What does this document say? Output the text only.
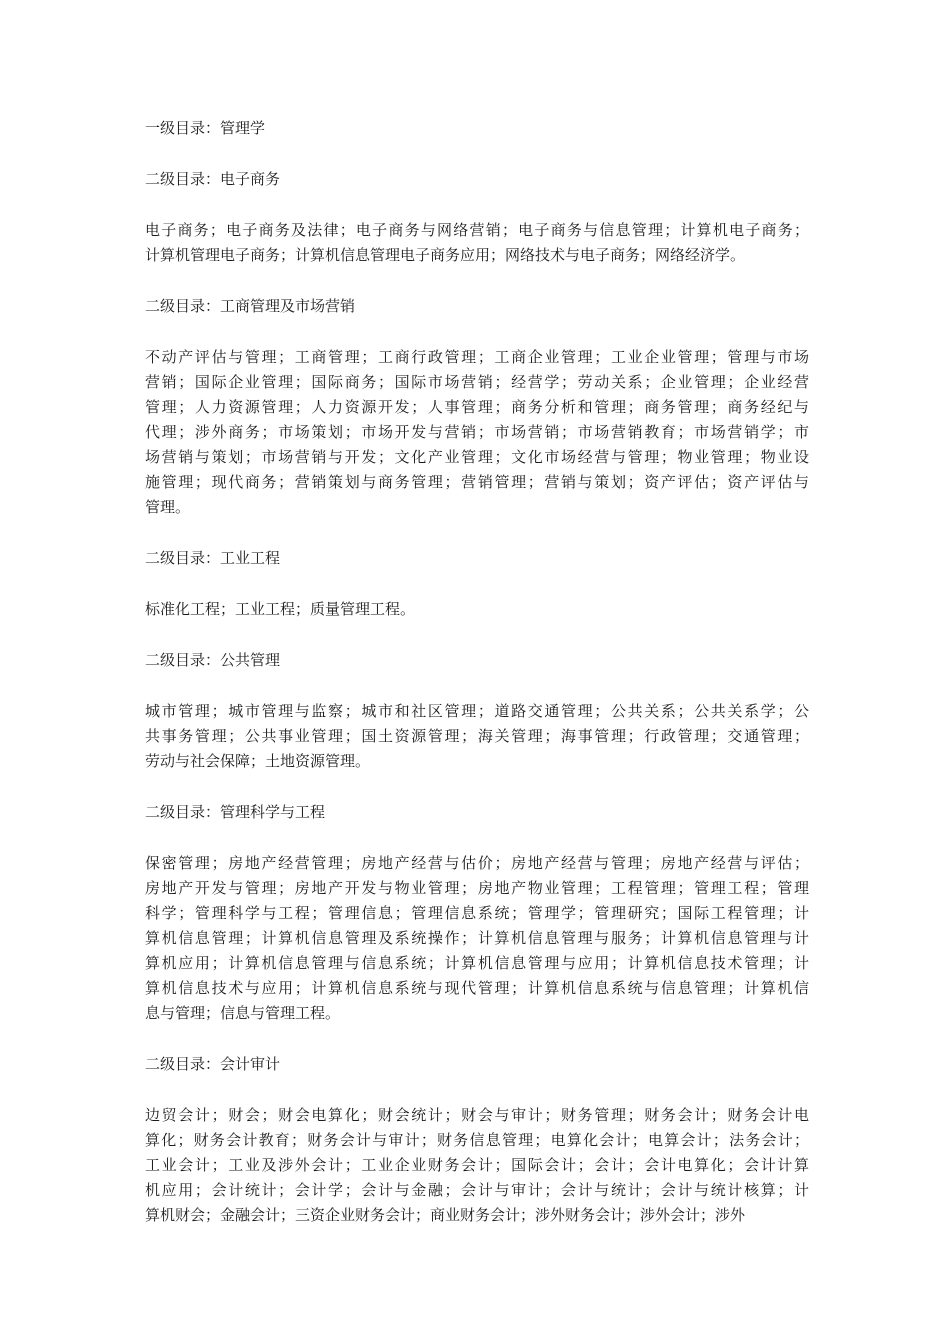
一级目录：管理学
二级目录：电子商务
电子商务；电子商务及法律；电子商务与网络营销；电子商务与信息管理；计算机电子商务；
计算机管理电子商务；计算机信息管理电子商务应用；网络技术与电子商务；网络经济学。
二级目录：工商管理及市场营销
不动产评估与管理；工商管理；工商行政管理；工商企业管理；工业企业管理；管理与市场
营销；国际企业管理；国际商务；国际市场营销；经营学；劳动关系；企业管理；企业经营
管理；人力资源管理；人力资源开发；人事管理；商务分析和管理；商务管理；商务经纪与
代理；涉外商务；市场策划；市场开发与营销；市场营销；市场营销教育；市场营销学；市
场营销与策划；市场营销与开发；文化产业管理；文化市场经营与管理；物业管理；物业设
施管理；现代商务；营销策划与商务管理；营销管理；营销与策划；资产评估；资产评估与
管理。
二级目录：工业工程
标准化工程；工业工程；质量管理工程。
二级目录：公共管理
城市管理；城市管理与监察；城市和社区管理；道路交通管理；公共关系；公共关系学；公
共事务管理；公共事业管理；国土资源管理；海关管理；海事管理；行政管理；交通管理；
劳动与社会保障；土地资源管理。
二级目录：管理科学与工程
保密管理；房地产经营管理；房地产经营与估价；房地产经营与管理；房地产经营与评估；
房地产开发与管理；房地产开发与物业管理；房地产物业管理；工程管理；管理工程；管理
科学；管理科学与工程；管理信息；管理信息系统；管理学；管理研究；国际工程管理；计
算机信息管理；计算机信息管理及系统操作；计算机信息管理与服务；计算机信息管理与计
算机应用；计算机信息管理与信息系统；计算机信息管理与应用；计算机信息技术管理；计
算机信息技术与应用；计算机信息系统与现代管理；计算机信息系统与信息管理；计算机信
息与管理；信息与管理工程。
二级目录：会计审计
边贸会计；财会；财会电算化；财会统计；财会与审计；财务管理；财务会计；财务会计电
算化；财务会计教育；财务会计与审计；财务信息管理；电算化会计；电算会计；法务会计；
工业会计；工业及涉外会计；工业企业财务会计；国际会计；会计；会计电算化；会计计算
机应用；会计统计；会计学；会计与金融；会计与审计；会计与统计；会计与统计核算；计
算机财会；金融会计；三资企业财务会计；商业财务会计；涉外财务会计；涉外会计；涉外
